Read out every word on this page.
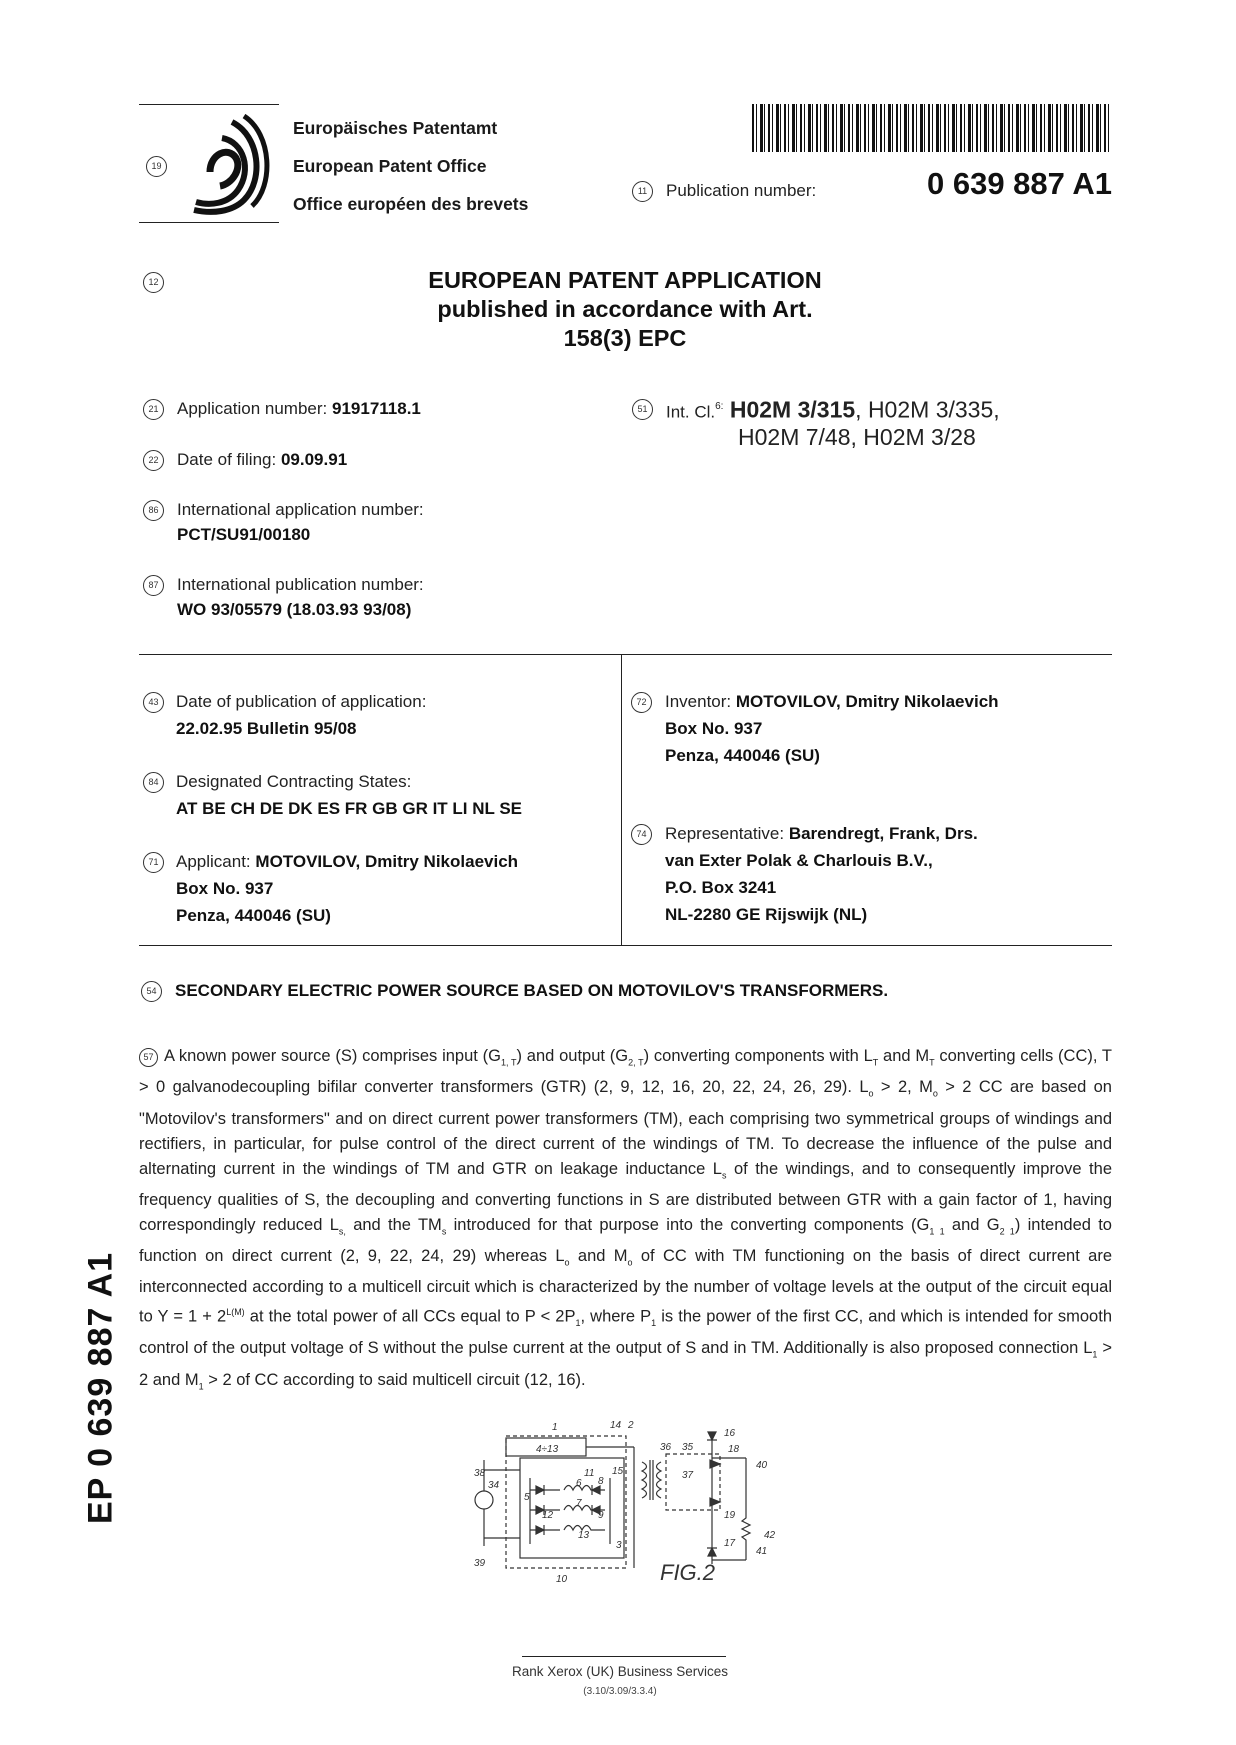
19
Europäisches Patentamt
European Patent Office
Office européen des brevets
11	Publication number:	0 639 887 A1
12	EUROPEAN PATENT APPLICATION
published in accordance with Art.
158(3) EPC
21	Application number: 91917118.1
22	Date of filing: 09.09.91
86	International application number:
PCT/SU91/00180
87	International publication number:
WO 93/05579 (18.03.93 93/08)
51	Int. Cl.$^{6:}$ H02M 3/315, H02M 3/335,
H02M 7/48, H02M 3/28
43	Date of publication of application:
22.02.95 Bulletin 95/08
84	Designated Contracting States:
AT BE CH DE DK ES FR GB GR IT LI NL SE
71	Applicant: MOTOVILOV, Dmitry Nikolaevich
Box No. 937
Penza, 440046 (SU)
72	Inventor: MOTOVILOV, Dmitry Nikolaevich
Box No. 937
Penza, 440046 (SU)
74	Representative: Barendregt, Frank, Drs.
van Exter Polak & Charlouis B.V.,
P.O. Box 3241
NL-2280 GE Rijswijk (NL)
54	SECONDARY ELECTRIC POWER SOURCE BASED ON MOTOVILOV'S TRANSFORMERS.
57 A known power source (S) comprises input $(G_{1, T})$ and output $(G_{2, T})$ converting components with $L_T$ and $M_T$ converting cells (CC), T > 0 galvanodecoupling bifilar converter transformers (GTR) (2, 9, 12, 16, 20, 22, 24, 26, 29). $L_o > 2$, $M_o > 2$ CC are based on "Motovilov's transformers" and on direct current power transformers (TM), each comprising two symmetrical groups of windings and rectifiers, in particular, for pulse control of the direct current of the windings of TM. To decrease the influence of the pulse and alternating current in the windings of TM and GTR on leakage inductance $L_s$ of the windings, and to consequently improve the frequency qualities of S, the decoupling and converting functions in S are distributed between GTR with a gain factor of 1, having correspondingly reduced $L_{s,}$ and the $TM_s$ introduced for that purpose into the converting components ($G_{1 1}$ and $G_{2 1}$) intended to function on direct current (2, 9, 22, 24, 29) whereas $L_o$ and $M_o$ of CC with TM functioning on the basis of direct current are interconnected according to a multicell circuit which is characterized by the number of voltage levels at the output of the circuit equal to $Y = 1 + 2^{L(M)}$ at the total power of all CCs equal to $P < 2P_1$, where $P_1$ is the power of the first CC, and which is intended for smooth control of the output voltage of S without the pulse current at the output of S and in TM. Additionally is also proposed connection $L_1 > 2$ and $M_1 > 2$ of CC according to said multicell circuit (12, 16).
1	14 2
4÷13	36 35
16
18
40
38	11 15	37
34	6 8
19
5
7
9
42
12
13
17
41
3
39
10	FIG.2
Rank Xerox (UK) Business Services
(3.10/3.09/3.3.4)
EP 0 639 887 A1
